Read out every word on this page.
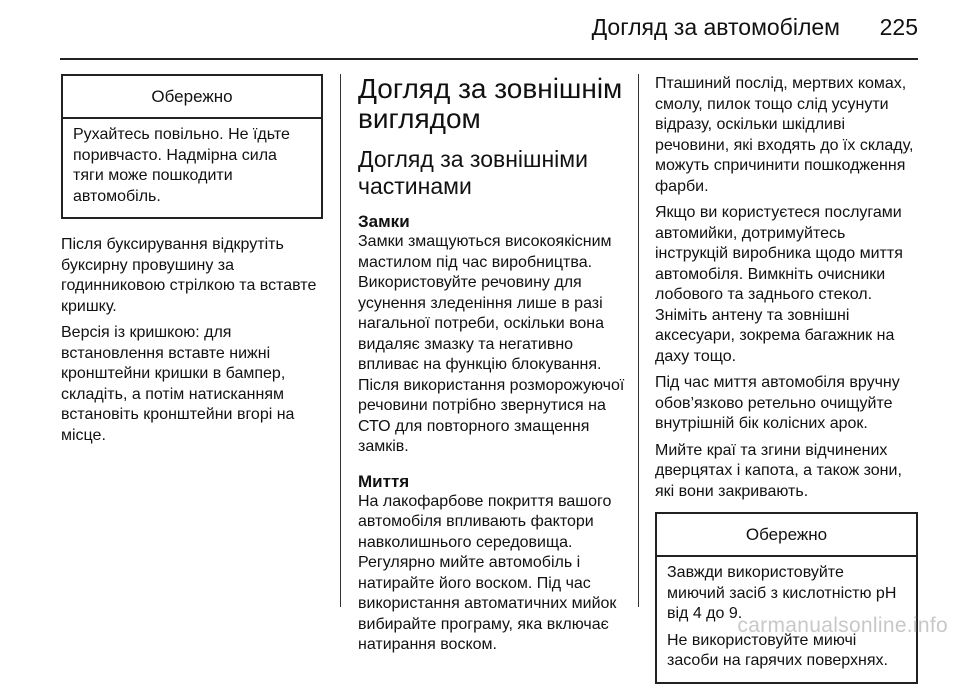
Догляд за автомобілем 225
Обережно

Рухайтесь повільно. Не їдьте поривчасто. Надмірна сила тяги може пошкодити автомобіль.

Після буксирування відкрутіть буксирну провушину за годинниковою стрілкою та вставте кришку.

Версія із кришкою: для встановлення вставте нижні кронштейни кришки в бампер, складіть, а потім натисканням встановіть кронштейни вгорі на місце.

Догляд за зовнішнім виглядом
Догляд за зовнішніми частинами
Замки

Замки змащуються високоякісним мастилом під час виробництва. Використовуйте речовину для усунення зледеніння лише в разі нагальної потреби, оскільки вона видаляє змазку та негативно впливає на функцію блокування. Після використання розморожуючої речовини потрібно звернутися на СТО для повторного змащення замків.

Миття

На лакофарбове покриття вашого автомобіля впливають фактори навколишнього середовища. Регулярно мийте автомобіль і натирайте його воском. Під час використання автоматичних мийок вибирайте програму, яка включає натирання воском.

Пташиний послід, мертвих комах, смолу, пилок тощо слід усунути відразу, оскільки шкідливі речовини, які входять до їх складу, можуть спричинити пошкодження фарби.

Якщо ви користуєтеся послугами автомийки, дотримуйтесь інструкцій виробника щодо миття автомобіля. Вимкніть очисники лобового та заднього стекол. Зніміть антену та зовнішні аксесуари, зокрема багажник на даху тощо.

Під час миття автомобіля вручну обов’язково ретельно очищуйте внутрішній бік колісних арок.

Мийте краї та згини відчинених дверцятах і капота, а також зони, які вони закривають.

Обережно

Завжди використовуйте миючий засіб з кислотністю pH від 4 до 9.

Не використовуйте миючі засоби на гарячих поверхнях.

carmanualsonline.info
